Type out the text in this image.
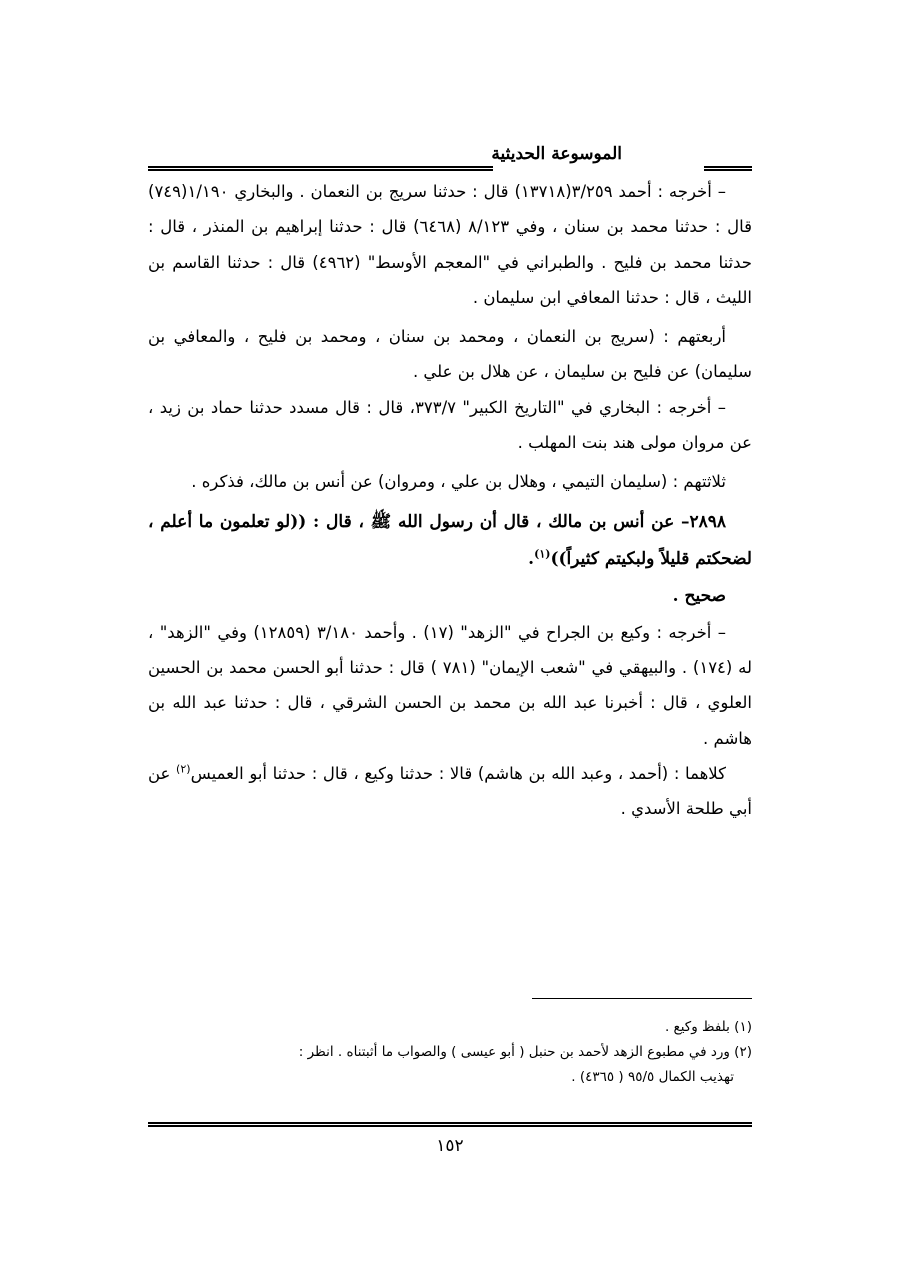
الموسوعة الحديثية

– أخرجه : أحمد ٣/٢٥٩(١٣٧١٨) قال : حدثنا سريج بن النعمان . والبخاري ١/١٩٠(٧٤٩) قال : حدثنا محمد بن سنان ، وفي ٨/١٢٣ (٦٤٦٨) قال : حدثنا إبراهيم بن المنذر ، قال : حدثنا محمد بن فليح . والطبراني في "المعجم الأوسط" (٤٩٦٢) قال : حدثنا القاسم بن الليث ، قال : حدثنا المعافي ابن سليمان .

أربعتهم : (سريج بن النعمان ، ومحمد بن سنان ، ومحمد بن فليح ، والمعافي بن سليمان) عن فليح بن سليمان ، عن هلال بن علي .

– أخرجه : البخاري في "التاريخ الكبير" ٣٧٣/٧، قال : قال مسدد حدثنا حماد بن زيد ، عن مروان مولى هند بنت المهلب .

ثلاثتهم : (سليمان التيمي ، وهلال بن علي ، ومروان) عن أنس بن مالك، فذكره .

٢٨٩٨– عن أنس بن مالك ، قال أن رسول الله ﷺ ، قال : ((لو تعلمون ما أعلم ، لضحكتم قليلاً ولبكيتم كثيراً))$^{(١)}$.

صحيح .

– أخرجه : وكيع بن الجراح في "الزهد" (١٧) . وأحمد ٣/١٨٠ (١٢٨٥٩) وفي "الزهد" ، له (١٧٤) . والبيهقي في "شعب الإيمان" (٧٨١ ) قال : حدثنا أبو الحسن محمد بن الحسين العلوي ، قال : أخبرنا عبد الله بن محمد بن الحسن الشرقي ، قال : حدثنا عبد الله بن هاشم .

كلاهما : (أحمد ، وعبد الله بن هاشم) قالا : حدثنا وكيع ، قال : حدثنا أبو العميس$^{(٢)}$ عن أبي طلحة الأسدي .

(١) بلفظ وكيع .

(٢) ورد في مطبوع الزهد لأحمد بن حنبل ( أبو عيسى ) والصواب ما أثبتناه . انظر :

تهذيب الكمال ٩٥/٥ ( ٤٣٦٥) .

١٥٢
